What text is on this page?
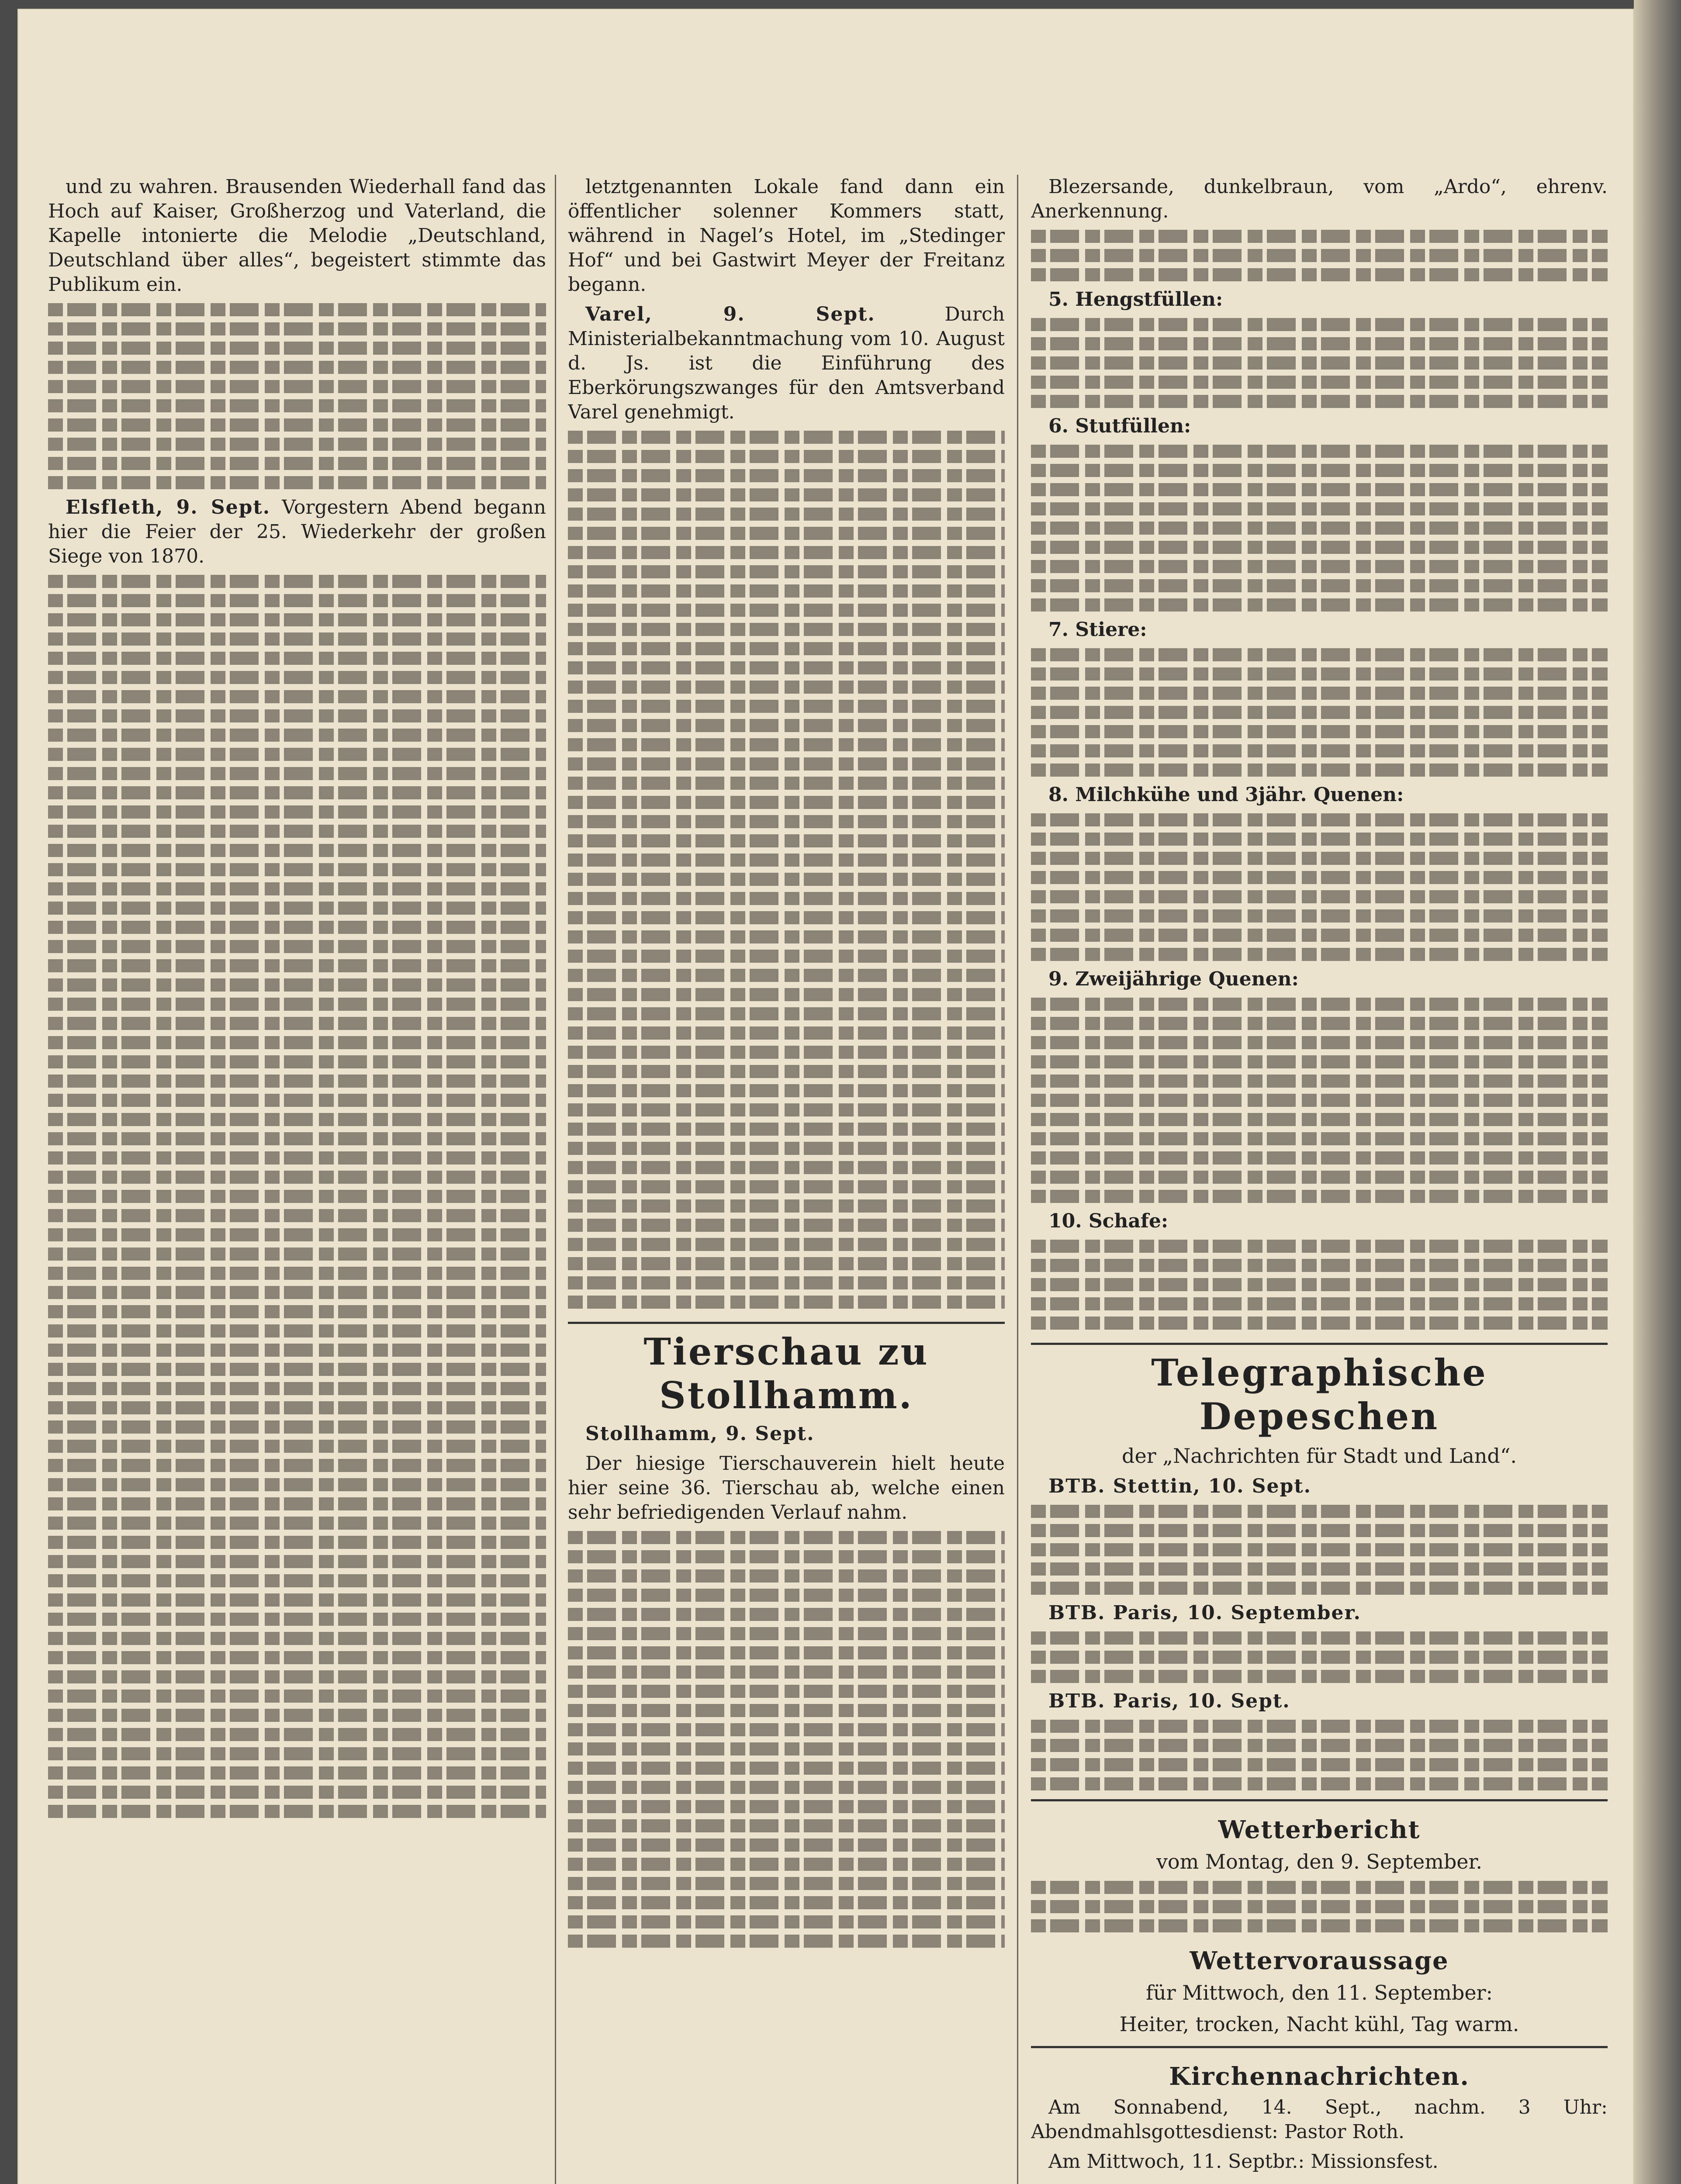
und zu wahren. Brausenden Wiederhall fand das Hoch auf Kaiser, Großherzog und Vaterland, die Kapelle intonierte die Melodie „Deutschland, Deutschland über alles“, begeistert stimmte das Publikum ein.

Elsfleth, 9. Sept. Vorgestern Abend begann hier die Feier der 25. Wiederkehr der großen Siege von 1870.

letztgenannten Lokale fand dann ein öffentlicher solenner Kommers statt, während in Nagel’s Hotel, im „Stedinger Hof“ und bei Gastwirt Meyer der Freitanz begann.

Varel, 9. Sept.	Durch Ministerialbekanntmachung vom 10. August d. Js. ist die Einführung des Eberkörungszwanges für den Amtsverband Varel genehmigt.

Tierschau zu Stollhamm.

Stollhamm, 9. Sept.

Der hiesige Tierschauverein hielt heute hier seine 36. Tierschau ab, welche einen sehr befriedigenden Verlauf nahm.

Blezersande, dunkelbraun, vom „Ardo“, ehrenv. Anerkennung.

5. Hengstfüllen:

6. Stutfüllen:

7. Stiere:

8. Milchkühe und 3jähr. Quenen:

9. Zweijährige Quenen:

10. Schafe:

Telegraphische Depeschen
der „Nachrichten für Stadt und Land“.

BTB. Stettin, 10. Sept.

BTB. Paris, 10. September.

BTB. Paris, 10. Sept.

Wetterbericht
vom Montag, den 9. September.
Wettervoraussage
für Mittwoch, den 11. September:
Heiter, trocken, Nacht kühl, Tag warm.
Kirchennachrichten.

Am Sonnabend, 14. Sept., nachm. 3 Uhr: Abendmahlsgottesdienst: Pastor Roth.

Am Mittwoch, 11. Septbr.: Missionsfest.
